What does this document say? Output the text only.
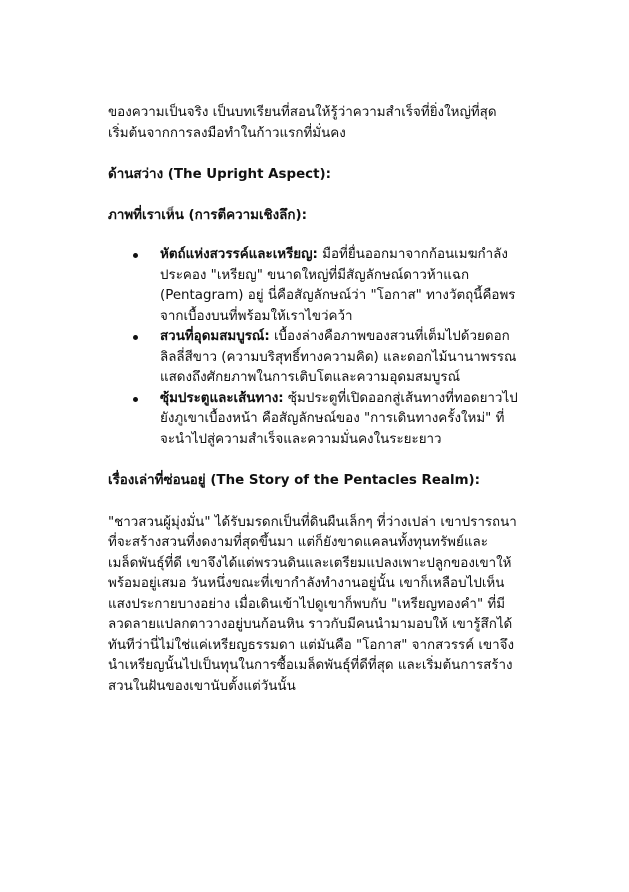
ของความเป็นจริง เป็นบทเรียนที่สอนให้รู้ว่าความสำเร็จที่ยิ่งใหญ่ที่สุด เริ่มต้นจากการลงมือทำในก้าวแรกที่มั่นคง

ด้านสว่าง (The Upright Aspect):

ภาพที่เราเห็น (การตีความเชิงลึก):

หัตถ์แห่งสวรรค์และเหรียญ: มือที่ยื่นออกมาจากก้อนเมฆกำลังประคอง "เหรียญ" ขนาดใหญ่ที่มีสัญลักษณ์ดาวห้าแฉก (Pentagram) อยู่ นี่คือสัญลักษณ์ว่า "โอกาส" ทางวัตถุนี้คือพรจากเบื้องบนที่พร้อมให้เราไขว่คว้า
สวนที่อุดมสมบูรณ์: เบื้องล่างคือภาพของสวนที่เต็มไปด้วยดอกลิลลี่สีขาว (ความบริสุทธิ์ทางความคิด) และดอกไม้นานาพรรณ แสดงถึงศักยภาพในการเติบโตและความอุดมสมบูรณ์
ซุ้มประตูและเส้นทาง: ซุ้มประตูที่เปิดออกสู่เส้นทางที่ทอดยาวไปยังภูเขาเบื้องหน้า คือสัญลักษณ์ของ "การเดินทางครั้งใหม่" ที่จะนำไปสู่ความสำเร็จและความมั่นคงในระยะยาว

เรื่องเล่าที่ซ่อนอยู่ (The Story of the Pentacles Realm):

"ชาวสวนผู้มุ่งมั่น" ได้รับมรดกเป็นที่ดินผืนเล็กๆ ที่ว่างเปล่า เขาปรารถนาที่จะสร้างสวนที่งดงามที่สุดขึ้นมา แต่ก็ยังขาดแคลนทั้งทุนทรัพย์และเมล็ดพันธุ์ที่ดี เขาจึงได้แต่พรวนดินและเตรียมแปลงเพาะปลูกของเขาให้พร้อมอยู่เสมอ วันหนึ่งขณะที่เขากำลังทำงานอยู่นั้น เขาก็เหลือบไปเห็นแสงประกายบางอย่าง เมื่อเดินเข้าไปดูเขาก็พบกับ "เหรียญทองคำ" ที่มีลวดลายแปลกตาวางอยู่บนก้อนหิน ราวกับมีคนนำมามอบให้ เขารู้สึกได้ทันทีว่านี่ไม่ใช่แค่เหรียญธรรมดา แต่มันคือ "โอกาส" จากสวรรค์ เขาจึงนำเหรียญนั้นไปเป็นทุนในการซื้อเมล็ดพันธุ์ที่ดีที่สุด และเริ่มต้นการสร้างสวนในฝันของเขานับตั้งแต่วันนั้น
